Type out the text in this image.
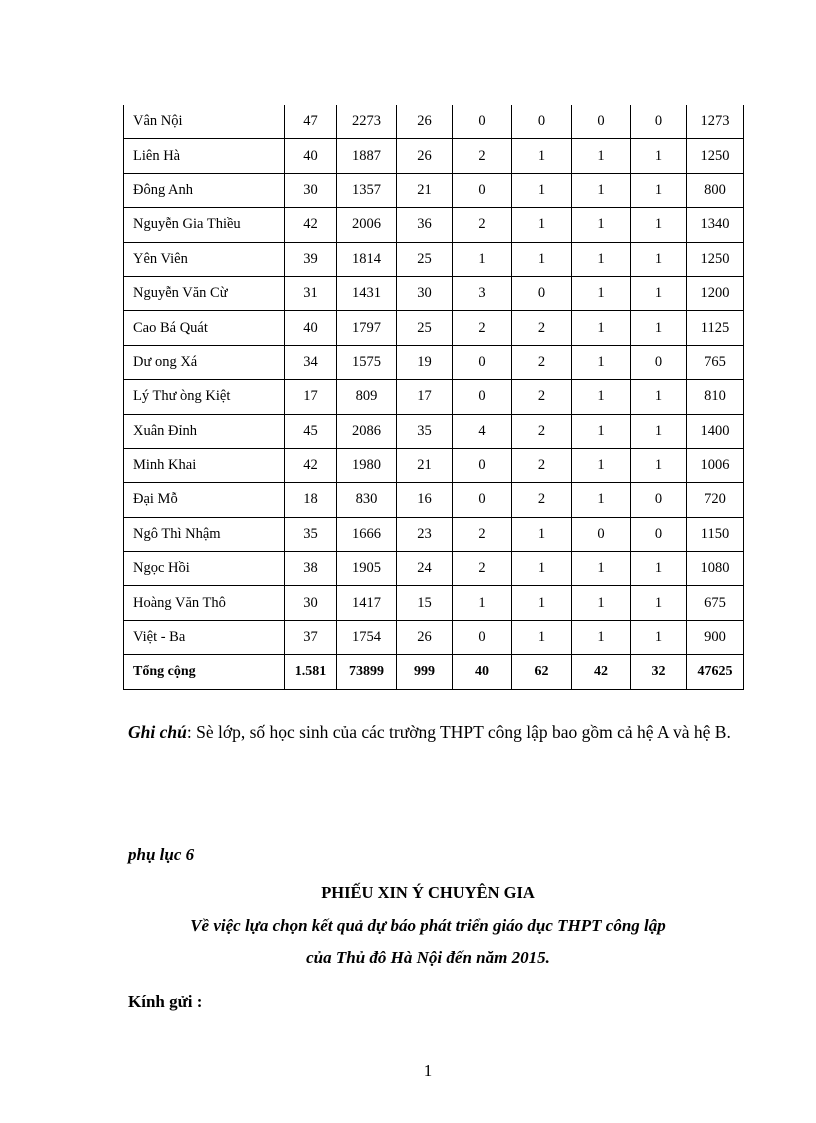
Vân Nội	47	2273	26	0	0	0	0	1273
Liên Hà	40	1887	26	2	1	1	1	1250
Đông Anh	30	1357	21	0	1	1	1	800
Nguyễn Gia Thiều	42	2006	36	2	1	1	1	1340
Yên Viên	39	1814	25	1	1	1	1	1250
Nguyễn Văn Cừ	31	1431	30	3	0	1	1	1200
Cao Bá Quát	40	1797	25	2	2	1	1	1125
Dư ong Xá	34	1575	19	0	2	1	0	765
Lý Thư òng Kiệt	17	809	17	0	2	1	1	810
Xuân Đỉnh	45	2086	35	4	2	1	1	1400
Minh Khai	42	1980	21	0	2	1	1	1006
Đại Mỗ	18	830	16	0	2	1	0	720
Ngô Thì Nhậm	35	1666	23	2	1	0	0	1150
Ngọc Hồi	38	1905	24	2	1	1	1	1080
Hoàng Văn Thô	30	1417	15	1	1	1	1	675
Việt - Ba	37	1754	26	0	1	1	1	900
Tổng cộng	1.581	73899	999	40	62	42	32	47625
Ghi chú: Sè lớp, số học sinh của các trường THPT công lập bao gồm cả hệ A và hệ B.
phụ lục 6
PHIẾU XIN Ý CHUYÊN GIA
Về việc lựa chọn kết quả dự báo phát triển giáo dục THPT công lập
của Thủ đô Hà Nội đến năm 2015.
Kính gửi :
1
